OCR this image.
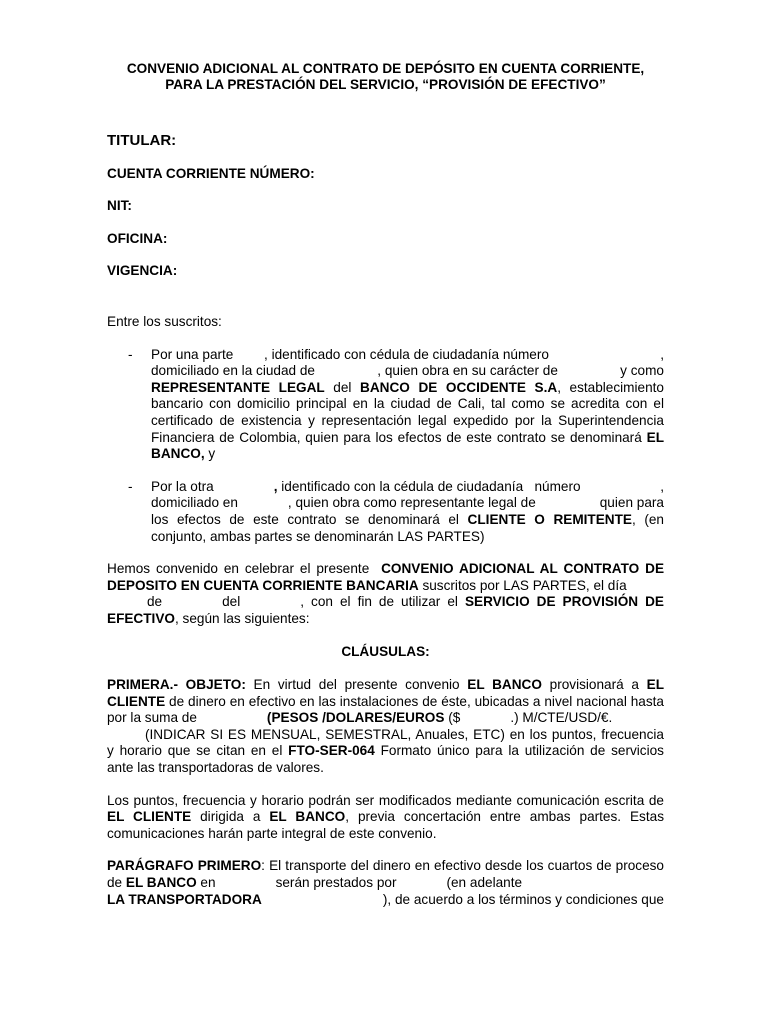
CONVENIO ADICIONAL AL CONTRATO DE DEPÓSITO EN CUENTA CORRIENTE,

PARA LA PRESTACIÓN DEL SERVICIO, “PROVISIÓN DE EFECTIVO”

TITULAR:

CUENTA CORRIENTE NÚMERO:

NIT:

OFICINA:

VIGENCIA:

Entre los suscritos:

- Por una parte , identificado con cédula de ciudadanía número	,
domiciliado en la ciudad de	, quien obra en su carácter de	y como
REPRESENTANTE LEGAL del BANCO DE OCCIDENTE S.A, establecimiento bancario con domicilio principal en la ciudad de Cali, tal como se acredita con el certificado de existencia y representación legal expedido por la Superintendencia Financiera de Colombia, quien para los efectos de este contrato se denominará EL BANCO, y
- Por la otra	, identificado con la cédula de ciudadanía   número	,
domiciliado en	, quien obra como representante legal de	quien para
los efectos de este contrato se denominará el CLIENTE O REMITENTE, (en conjunto, ambas partes se denominarán LAS PARTES)
Hemos convenido en celebrar el presente  CONVENIO ADICIONAL AL CONTRATO DE DEPOSITO EN CUENTA CORRIENTE BANCARIA suscritos por LAS PARTES, el día
de	del	, con el fin de utilizar el SERVICIO DE PROVISIÓN DE EFECTIVO, según las siguientes:

CLÁUSULAS:

PRIMERA.- OBJETO: En virtud del presente convenio EL BANCO provisionará a EL CLIENTE de dinero en efectivo en las instalaciones de éste, ubicadas a nivel nacional hasta por la suma de	(PESOS /DOLARES/EUROS ($	.) M/CTE/USD/€.
(INDICAR SI ES MENSUAL, SEMESTRAL, Anuales, ETC) en los puntos, frecuencia y horario que se citan en el FTO-SER-064 Formato único para la utilización de servicios ante las transportadoras de valores.
Los puntos, frecuencia y horario podrán ser modificados mediante comunicación escrita de EL CLIENTE dirigida a EL BANCO, previa concertación entre ambas partes. Estas comunicaciones harán parte integral de este convenio.
PARÁGRAFO PRIMERO: El transporte del dinero en efectivo desde los cuartos de proceso de EL BANCO en	serán prestados por	(en adelante

LA TRANSPORTADORA	), de acuerdo a los términos y condiciones que
